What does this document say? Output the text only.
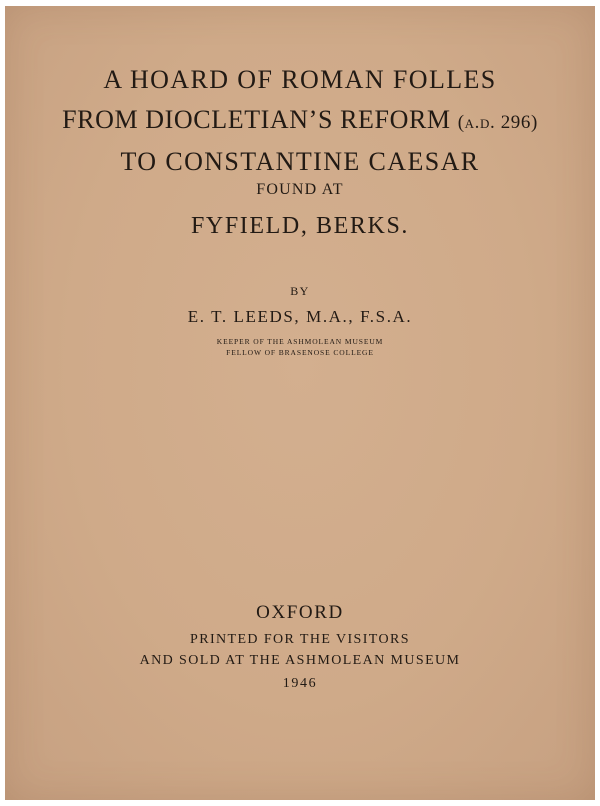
A HOARD OF ROMAN FOLLES
FROM DIOCLETIAN’S REFORM (a.d. 296)
TO CONSTANTINE CAESAR
FOUND AT
FYFIELD, BERKS.
BY
E. T. LEEDS, M.A., F.S.A.
KEEPER OF THE ASHMOLEAN MUSEUM
FELLOW OF BRASENOSE COLLEGE
OXFORD
PRINTED FOR THE VISITORS
AND SOLD AT THE ASHMOLEAN MUSEUM
1946
